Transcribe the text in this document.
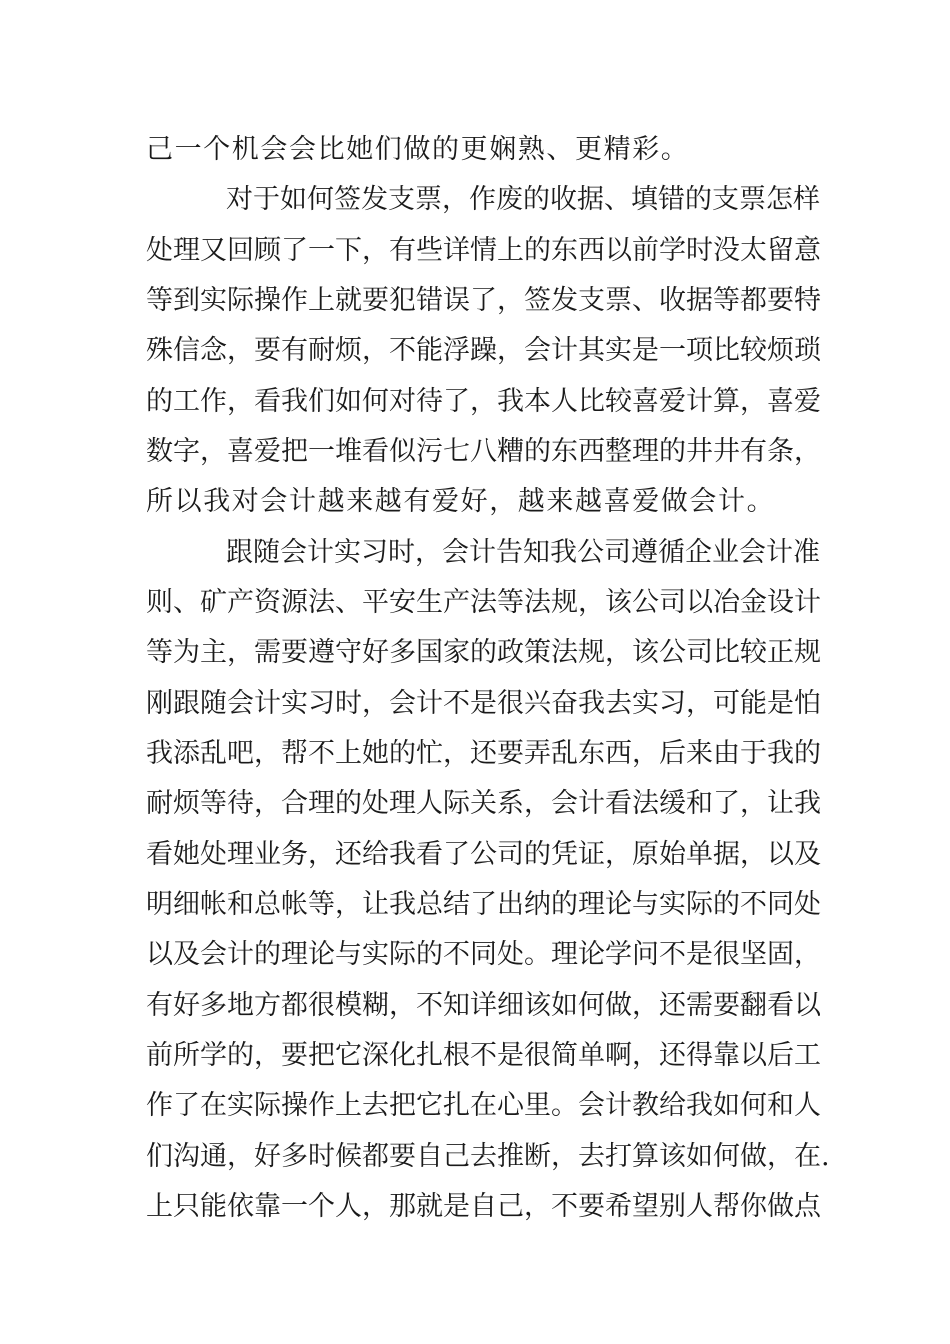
己一个机会会比她们做的更娴熟、更精彩。
对于如何签发支票，作废的收据、填错的支票怎样
处理又回顾了一下，有些详情上的东西以前学时没太留意
等到实际操作上就要犯错误了，签发支票、收据等都要特
殊信念，要有耐烦，不能浮躁，会计其实是一项比较烦琐
的工作，看我们如何对待了，我本人比较喜爱计算，喜爱
数字，喜爱把一堆看似污七八糟的东西整理的井井有条，
所以我对会计越来越有爱好，越来越喜爱做会计。
跟随会计实习时，会计告知我公司遵循企业会计准
则、矿产资源法、平安生产法等法规，该公司以冶金设计
等为主，需要遵守好多国家的政策法规，该公司比较正规
刚跟随会计实习时，会计不是很兴奋我去实习，可能是怕
我添乱吧，帮不上她的忙，还要弄乱东西，后来由于我的
耐烦等待，合理的处理人际关系，会计看法缓和了，让我
看她处理业务，还给我看了公司的凭证，原始单据，以及
明细帐和总帐等，让我总结了出纳的理论与实际的不同处
以及会计的理论与实际的不同处。理论学问不是很坚固，
有好多地方都很模糊，不知详细该如何做，还需要翻看以
前所学的，要把它深化扎根不是很简单啊，还得靠以后工
作了在实际操作上去把它扎在心里。会计教给我如何和人
们沟通，好多时候都要自己去推断，去打算该如何做，在.
上只能依靠一个人，那就是自己，不要希望别人帮你做点
